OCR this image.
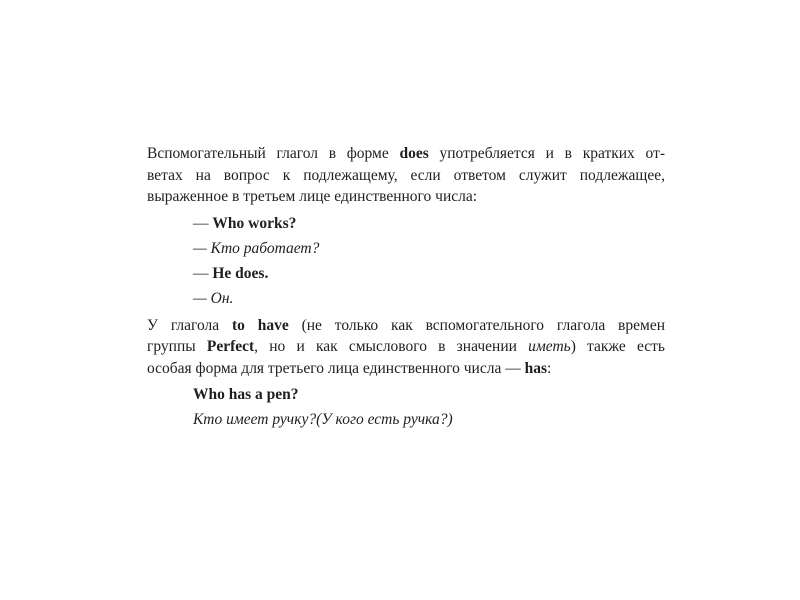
Вспомогательный глагол в форме does употребляется и в кратких от-
ветах на вопрос к подлежащему, если ответом служит подлежащее,
выраженное в третьем лице единственного числа:

— Who works?
— Кто работает?
— He does.
— Он.

У глагола to have (не только как вспомогательного глагола времен
группы Perfect, но и как смыслового в значении иметь) также есть
особая форма для третьего лица единственного числа — has:

Who has a pen?
Кто имеет ручку?(У кого есть ручка?)
